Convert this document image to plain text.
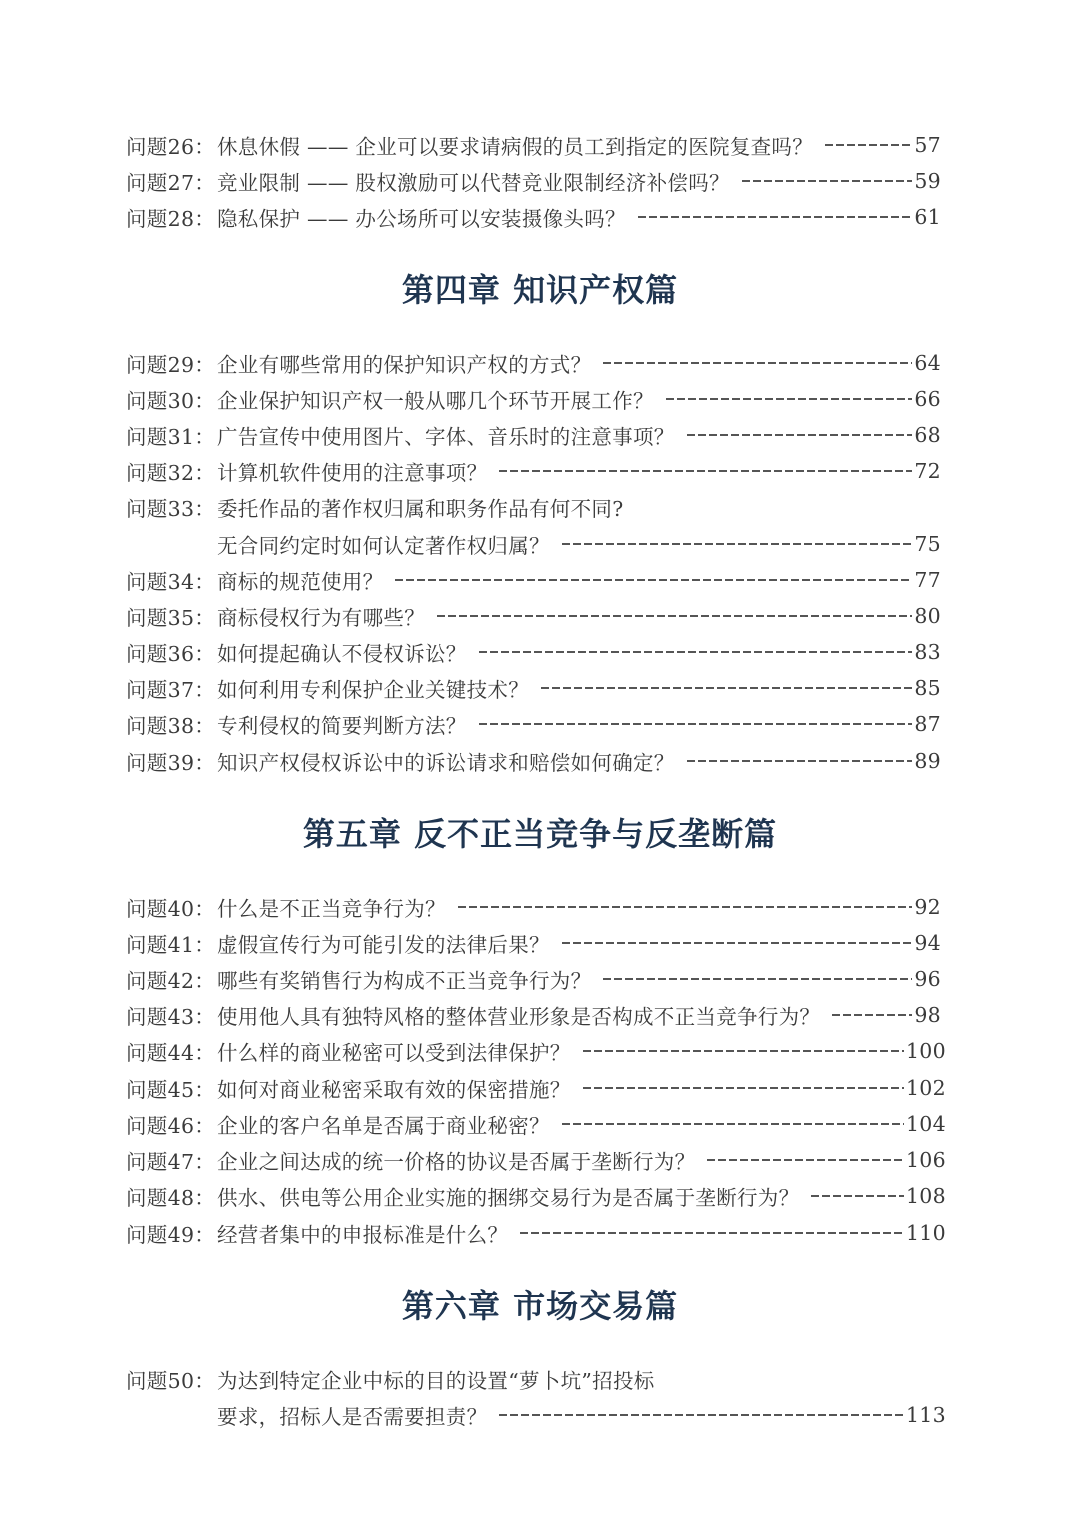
问题26： 休息休假 —— 企业可以要求请病假的员工到指定的医院复查吗？	57
问题27： 竞业限制 —— 股权激励可以代替竞业限制经济补偿吗？	59
问题28： 隐私保护 —— 办公场所可以安装摄像头吗？	61
第四章 知识产权篇
问题29： 企业有哪些常用的保护知识产权的方式？	64
问题30： 企业保护知识产权一般从哪几个环节开展工作？	66
问题31： 广告宣传中使用图片、字体、音乐时的注意事项？	68
问题32： 计算机软件使用的注意事项？	72
问题33： 委托作品的著作权归属和职务作品有何不同?
无合同约定时如何认定著作权归属？	75
问题34： 商标的规范使用？	77
问题35： 商标侵权行为有哪些？	80
问题36： 如何提起确认不侵权诉讼？	83
问题37： 如何利用专利保护企业关键技术？	85
问题38： 专利侵权的简要判断方法？	87
问题39： 知识产权侵权诉讼中的诉讼请求和赔偿如何确定？	89
第五章 反不正当竞争与反垄断篇
问题40： 什么是不正当竞争行为？	92
问题41： 虚假宣传行为可能引发的法律后果？	94
问题42： 哪些有奖销售行为构成不正当竞争行为？	96
问题43： 使用他人具有独特风格的整体营业形象是否构成不正当竞争行为？	98
问题44： 什么样的商业秘密可以受到法律保护？	100
问题45： 如何对商业秘密采取有效的保密措施？	102
问题46： 企业的客户名单是否属于商业秘密？	104
问题47： 企业之间达成的统一价格的协议是否属于垄断行为？	106
问题48： 供水、供电等公用企业实施的捆绑交易行为是否属于垄断行为？	108
问题49： 经营者集中的申报标准是什么？	110
第六章 市场交易篇
问题50： 为达到特定企业中标的目的设置“萝卜坑”招投标
要求，招标人是否需要担责？	113
